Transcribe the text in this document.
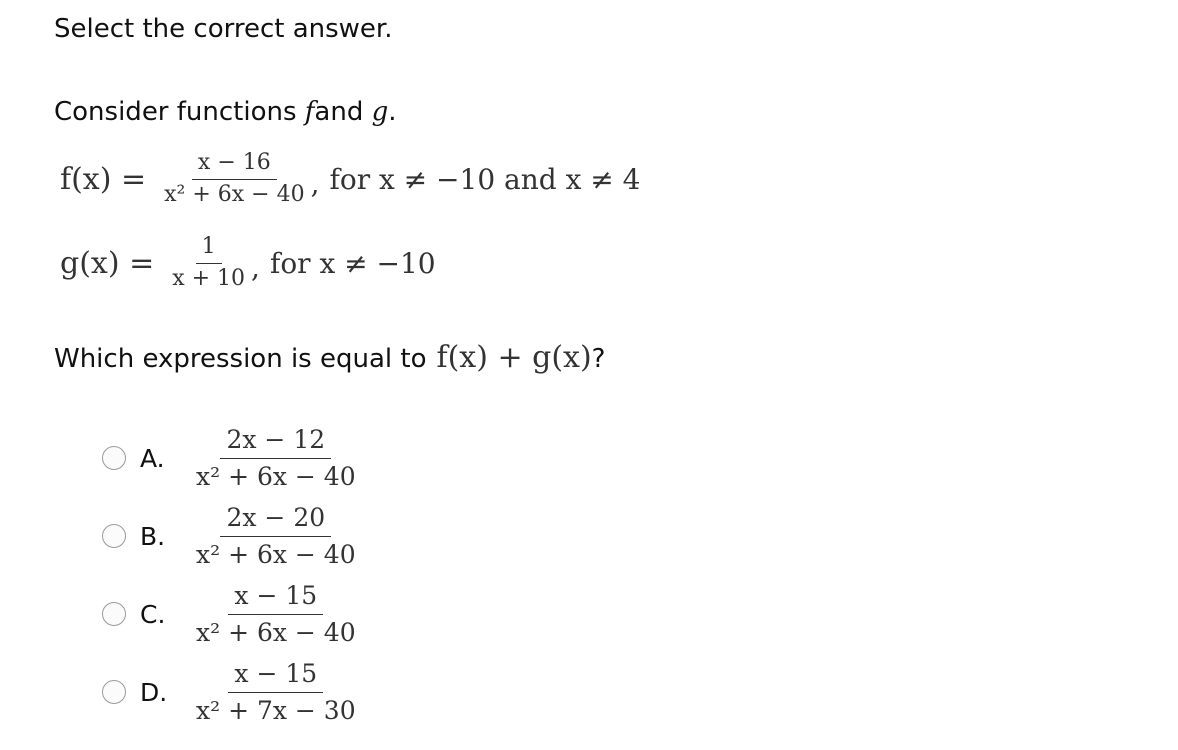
Select the correct answer.
Consider functions fand g.
$f(x) = \frac{x - 16}{\text{x² + 6x − 40}}$ , for x ≠ −10 and x ≠ 4
$g(x) = \frac{1}{x + 10}$ , for x ≠ −10
Which expression is equal to f(x) + g(x) ?
A.	$\frac{2x - 12}{\text{x² + 6x − 40}}$
B. $\frac{2x - 20}{\text{x² + 6x − 40}}$
C. $\frac{x - 15}{\text{x² + 6x − 40}}$
D. $\frac{x - 15}{\text{x² + 7x − 30}}$
